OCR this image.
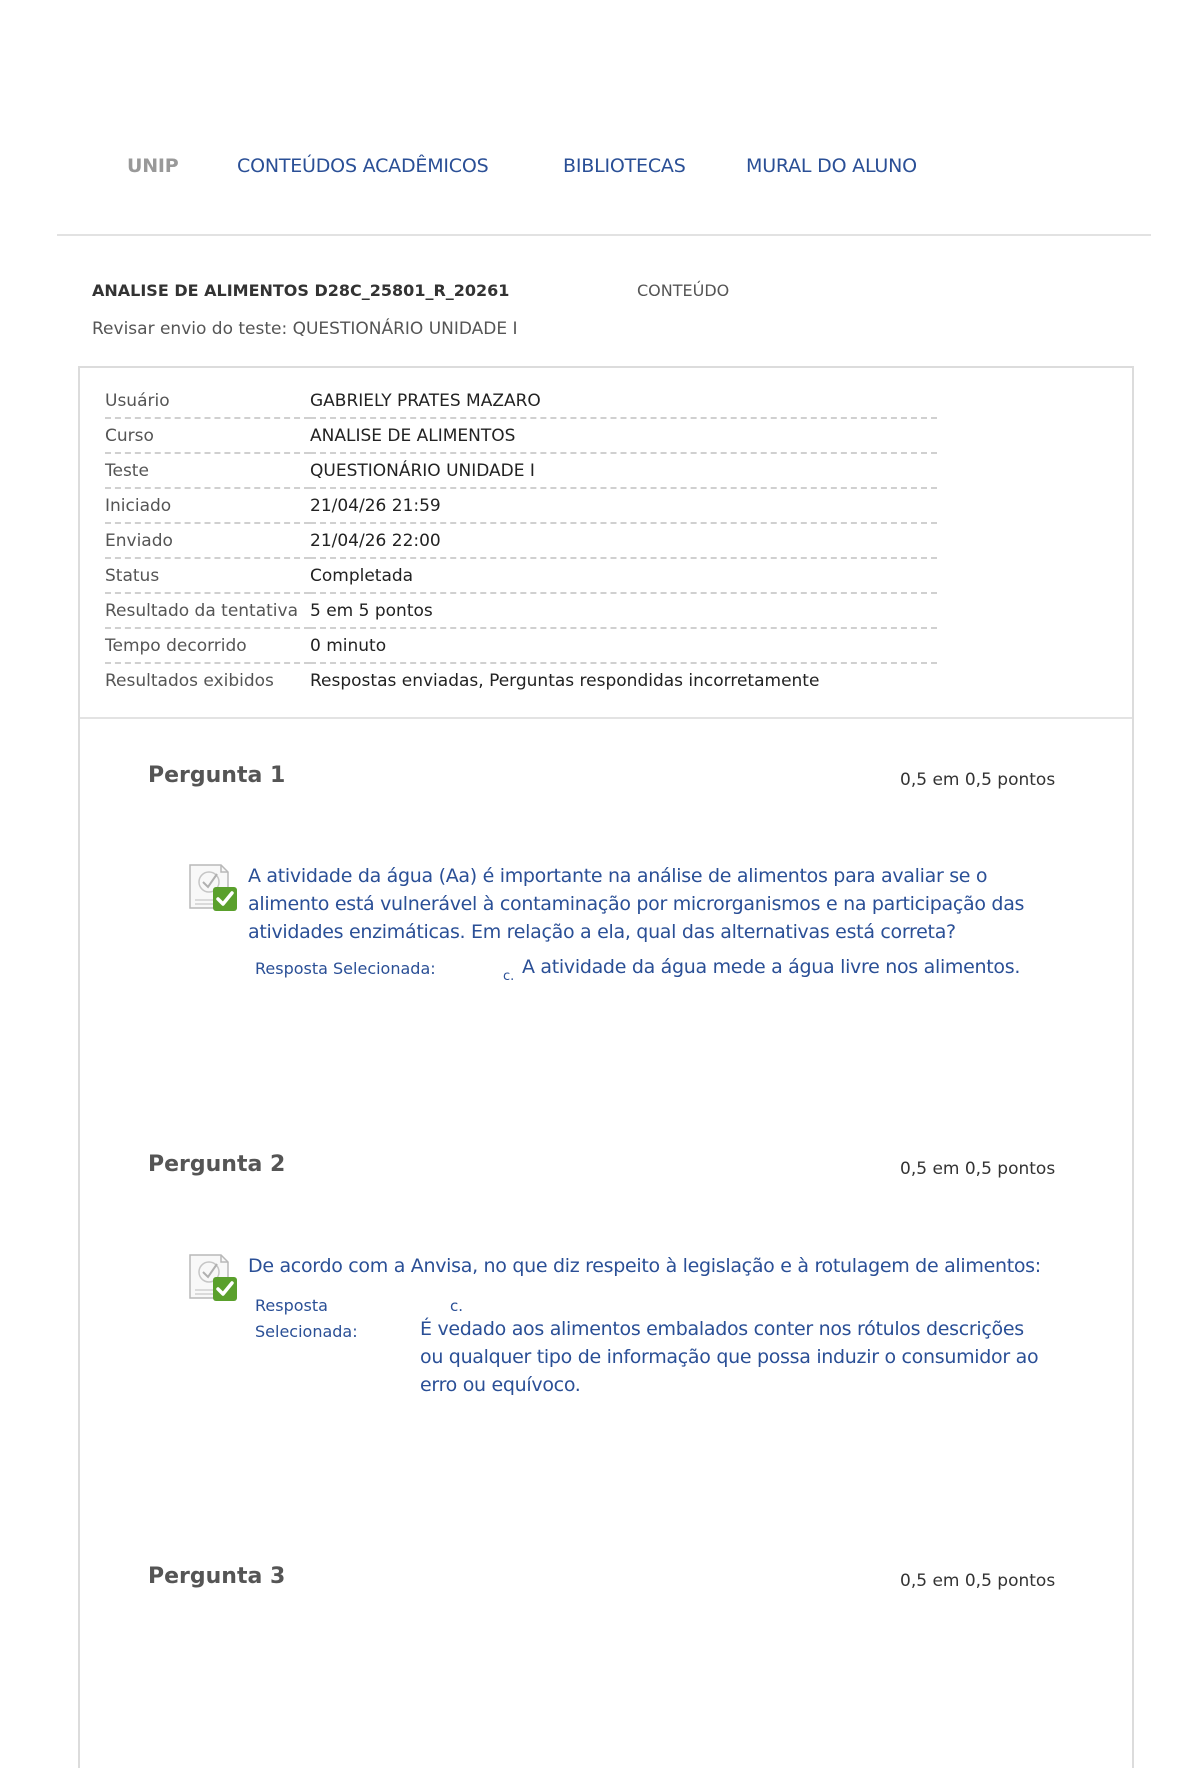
UNIP	CONTEÚDOS ACADÊMICOS	BIBLIOTECAS	MURAL DO ALUNO
ANALISE DE ALIMENTOS D28C_25801_R_20261	CONTEÚDO
Revisar envio do teste: QUESTIONÁRIO UNIDADE I
Usuário	GABRIELY PRATES MAZARO
Curso	ANALISE DE ALIMENTOS
Teste	QUESTIONÁRIO UNIDADE I
Iniciado	21/04/26 21:59
Enviado	21/04/26 22:00
Status	Completada
Resultado da tentativa	5 em 5 pontos
Tempo decorrido	0 minuto
Resultados exibidos	Respostas enviadas, Perguntas respondidas incorretamente
Pergunta 1	0,5 em 0,5 pontos
A atividade da água (Aa) é importante na análise de alimentos para avaliar se o alimento está vulnerável à contaminação por microrganismos e na participação das atividades enzimáticas. Em relação a ela, qual das alternativas está correta?
Resposta Selecionada:	c. A atividade da água mede a água livre nos alimentos.
Pergunta 2	0,5 em 0,5 pontos
De acordo com a Anvisa, no que diz respeito à legislação e à rotulagem de alimentos:
Resposta
Selecionada:
c.
É vedado aos alimentos embalados conter nos rótulos descrições ou qualquer tipo de informação que possa induzir o consumidor ao erro ou equívoco.
Pergunta 3	0,5 em 0,5 pontos
